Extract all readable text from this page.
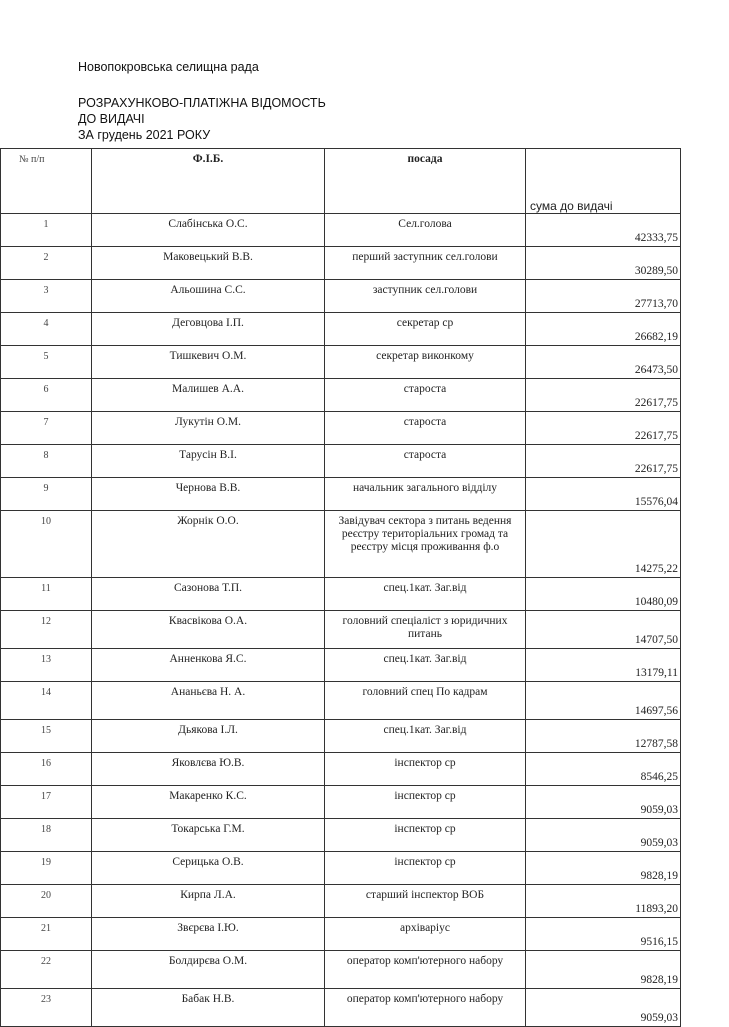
Новопокровська селищна рада
РОЗРАХУНКОВО-ПЛАТІЖНА ВІДОМОСТЬ
ДО ВИДАЧІ
ЗА грудень 2021 РОКУ
№ п/п	Ф.І.Б.	посада	сума до видачі
1	Слабінська О.С.	Сел.голова	42333,75
2	Маковецький В.В.	перший заступник сел.голови	30289,50
3	Альошина С.С.	заступник сел.голови	27713,70
4	Деговцова І.П.	секретар ср	26682,19
5	Тишкевич О.М.	секретар виконкому	26473,50
6	Малишев А.А.	староста	22617,75
7	Лукутін О.М.	староста	22617,75
8	Тарусін В.І.	староста	22617,75
9	Чернова В.В.	начальник загального відділу	15576,04
10	Жорнік О.О.	Завідувач сектора з питань ведення реєстру територіальних громад та реєстру місця проживання ф.о	14275,22
11	Сазонова Т.П.	спец.1кат. Заг.від	10480,09
12	Квасвікова О.А.	головний спеціаліст з юридичних питань	14707,50
13	Анненкова Я.С.	спец.1кат. Заг.від	13179,11
14	Ананьєва Н. А.	головний спец По кадрам	14697,56
15	Дьякова І.Л.	спец.1кат. Заг.від	12787,58
16	Яковлєва Ю.В.	інспектор ср	8546,25
17	Макаренко К.С.	інспектор ср	9059,03
18	Токарська Г.М.	інспектор ср	9059,03
19	Серицька О.В.	інспектор ср	9828,19
20	Кирпа Л.А.	старший інспектор ВОБ	11893,20
21	Звєрєва І.Ю.	архіваріус	9516,15
22	Болдирєва О.М.	оператор комп'ютерного набору	9828,19
23	Бабак Н.В.	оператор комп'ютерного набору	9059,03
